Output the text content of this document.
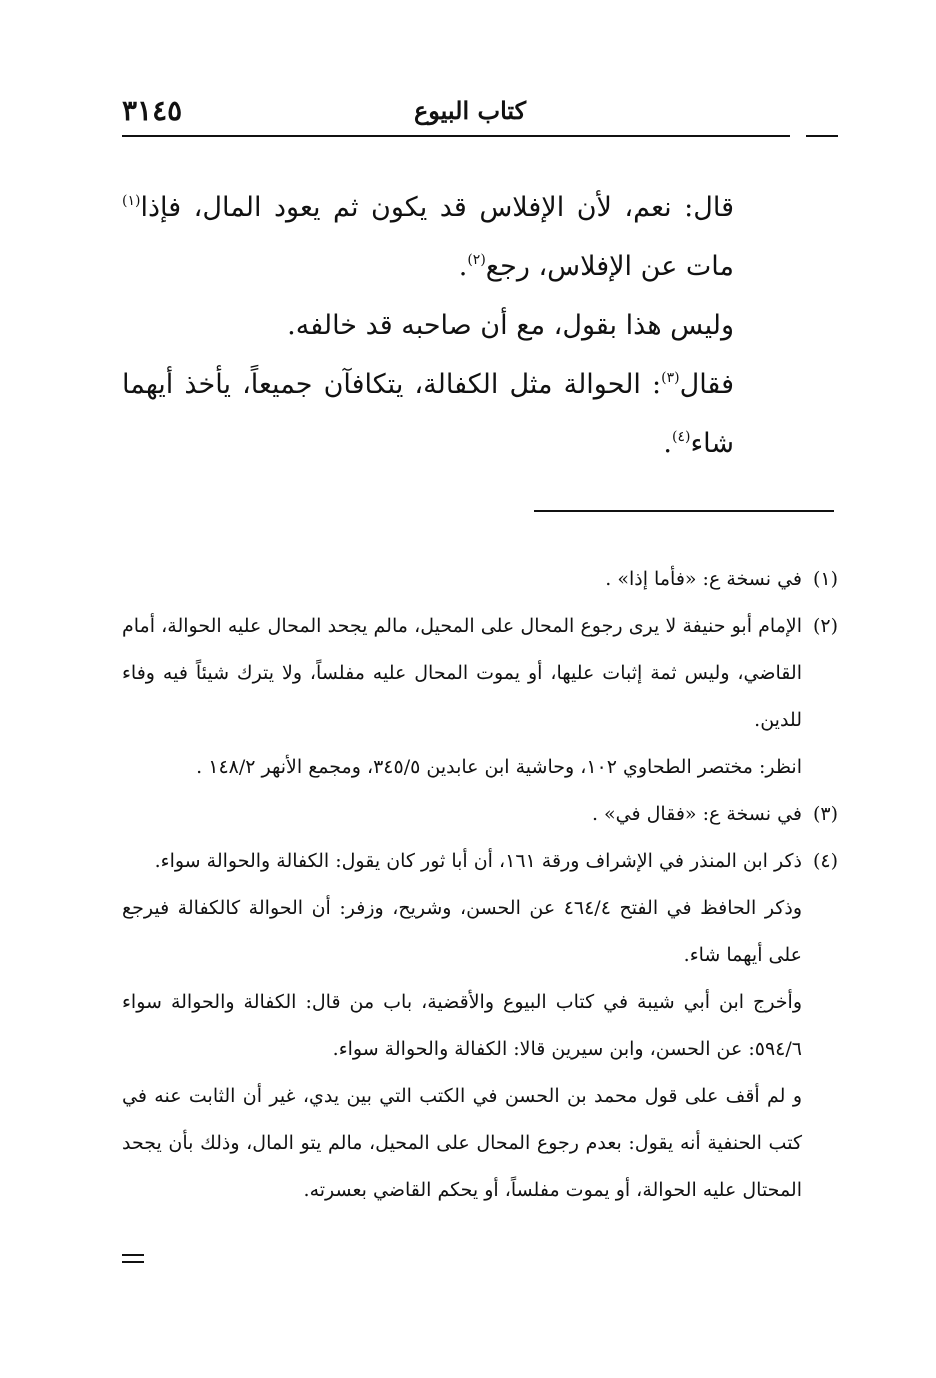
٣١٤٥	كتاب البيوع

قال: نعم، لأن الإفلاس قد يكون ثم يعود المال، فإذا$^{(١)}$ مات عن الإفلاس، رجع$^{(٢)}$.

وليس هذا بقول، مع أن صاحبه قد خالفه.

فقال$^{(٣)}$: الحوالة مثل الكفالة، يتكافآن جميعاً، يأخذ أيهما شاء$^{(٤)}$.

(١)
في نسخة ع: «فأما إذا» .

(٢)
الإمام أبو حنيفة لا يرى رجوع المحال على المحيل، مالم يجحد المحال عليه الحوالة، أمام القاضي، وليس ثمة إثبات عليها، أو يموت المحال عليه مفلساً، ولا يترك شيئاً فيه وفاء للدين.

انظر: مختصر الطحاوي ١٠٢، وحاشية ابن عابدين ٣٤٥/٥، ومجمع الأنهر ١٤٨/٢ .

(٣)
في نسخة ع: «فقال في» .

(٤)
ذكر ابن المنذر في الإشراف ورقة ١٦١، أن أبا ثور كان يقول: الكفالة والحوالة سواء.

وذكر الحافظ في الفتح ٤٦٤/٤ عن الحسن، وشريح، وزفر: أن الحوالة كالكفالة فيرجع على أيهما شاء.

وأخرج ابن أبي شيبة في كتاب البيوع والأقضية، باب من قال: الكفالة والحوالة سواء ٥٩٤/٦: عن الحسن، وابن سيرين قالا: الكفالة والحوالة سواء.

و لم أقف على قول محمد بن الحسن في الكتب التي بين يدي، غير أن الثابت عنه في كتب الحنفية أنه يقول: بعدم رجوع المحال على المحيل، مالم يتو المال، وذلك بأن يجحد المحتال عليه الحوالة، أو يموت مفلساً، أو يحكم القاضي بعسرته.
